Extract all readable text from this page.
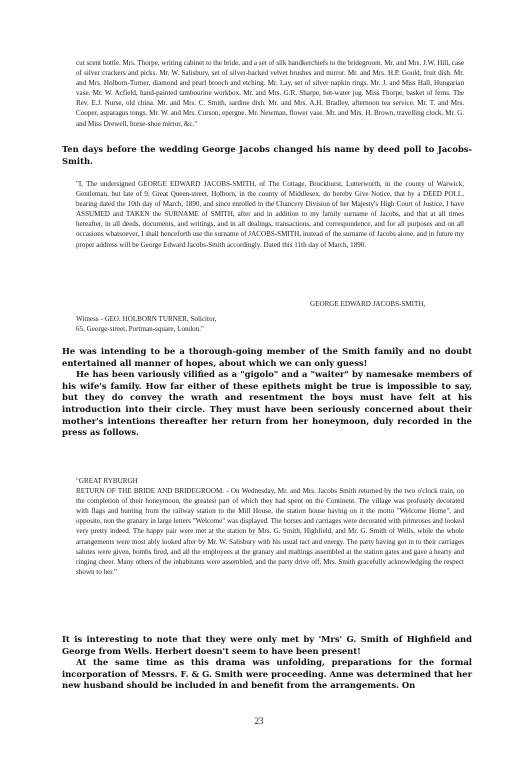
cut scent bottle. Mrs. Thorpe, writing cabinet to the bride, and a set of silk handkerchiefs to the bridegroom. Mr. and Mrs. J.W. Hill, case of silver crackers and picks. Mr. W. Salisbury, set of silver-backed velvet brushes and mirror. Mr. and Mrs. H.P. Gould, fruit dish. Mr. and Mrs. Holborn-Turner, diamond and pearl brooch and etching. Mr. Lay, set of silver napkin rings. Mr. J. and Miss Hall, Hungarian vase. Mr. W. Acfield, hand-painted tambourine workbox. Mr. and Mrs. G.R. Sharpe, hot-water jug. Miss Thorpe, basket of ferns. The Rev. E.J. Nurse, old china. Mr. and Mrs. C. Smith, sardine dish. Mr. and Mrs. A.H. Bradley, afternoon tea service. Mr. T. and Mrs. Cooper, asparagus tongs. Mr. W. and Mrs. Curson, epergne. Mr. Newman, flower vase. Mr. and Mrs. H. Brown, travelling clock. Mr. G. and Miss Drewell, horse-shoe mirror, &c."

Ten days before the wedding George Jacobs changed his name by deed poll to Jacobs-Smith.

"I, The undersigned GEORGE EDWARD JACOBS-SMITH, of The Cottage, Brockhurst, Lutterworth, in the county of Warwick, Gentleman, but late of 9, Great Queen-street, Holborn, in the county of Middlesex, do hereby Give Notice, that by a DEED POLL, bearing dated the 10th day of March, 1890, and since enrolled in the Chancery Division of her Majesty's High Court of Justice, I have ASSUMED and TAKEN the SURNAME of SMITH, after and in addition to my family surname of Jacobs, and that at all times hereafter, in all deeds, documents, and writings, and in all dealings, transactions, and correspondence, and for all purposes and on all occasions whatsoever, I shall henceforth use the surname of JACOBS-SMITH, instead of the surname of Jacobs alone, and in future my proper address will be George Edward Jacobs-Smith accordingly. Dated this 11th day of March, 1890.
GEORGE EDWARD JACOBS-SMITH,
Witness - GEO. HOLBORN TURNER, Solicitor,
65, George-street, Portman-square, London."

He was intending to be a thorough-going member of the Smith family and no doubt entertained all manner of hopes, about which we can only guess!

He has been variously vilified as a "gigolo" and a "waiter" by namesake members of his wife's family. How far either of these epithets might be true is impossible to say, but they do convey the wrath and resentment the boys must have felt at his introduction into their circle. They must have been seriously concerned about their mother's intentions thereafter her return from her honeymoon, duly recorded in the press as follows.

"GREAT RYBURGH
RETURN OF THE BRIDE AND BRIDEGROOM. - On Wednesday, Mr. and Mrs. Jacobs Smith returned by the two o'clock train, on the completion of their honeymoon, the greatest part of which they had spent on the Continent. The village was profusely decorated with flags and bunting from the railway station to the Mill House, the station house having on it the motto "Welcome Home", and opposite, non the granary in large letters "Welcome" was displayed. The horses and carriages were decorated with primroses and looked very pretty indeed. The happy pair were met at the station by Mrs. G. Smith, Highfield, and Mr. G. Smith of Wells, while the whole arrangements were most ably looked after by Mr. W. Salisbury with his usual tact and energy. The party having got in to their carriages salutes were given, bombs fired, and all the employees at the granary and maltings assembled at the station gates and gave a hearty and ringing cheer. Many others of the inhabitants were assembled, and the party drive off, Mrs. Smith gracefully acknowledging the respect shown to her."

It is interesting to note that they were only met by 'Mrs' G. Smith of Highfield and George from Wells. Herbert doesn't seem to have been present!

At the same time as this drama was unfolding, preparations for the formal incorporation of Messrs. F. & G. Smith were proceeding. Anne was determined that her new husband should be included in and benefit from the arrangements. On

23
